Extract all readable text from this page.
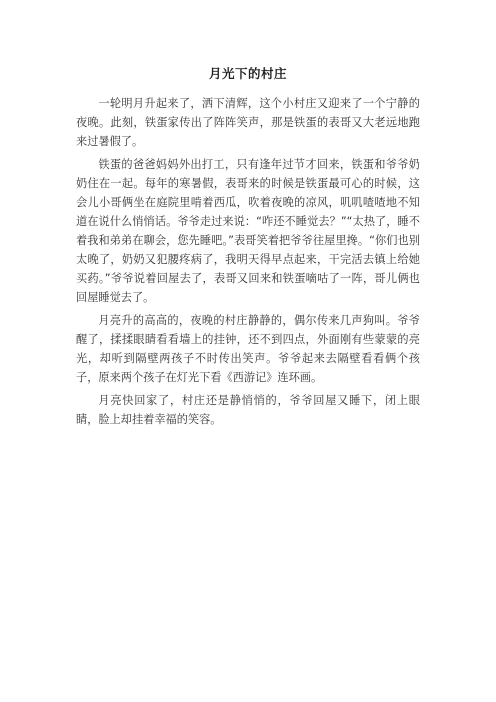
月光下的村庄

一轮明月升起来了，洒下清辉，这个小村庄又迎来了一个宁静的夜晚。此刻，铁蛋家传出了阵阵笑声，那是铁蛋的表哥又大老远地跑来过暑假了。

铁蛋的爸爸妈妈外出打工，只有逢年过节才回来，铁蛋和爷爷奶奶住在一起。每年的寒暑假，表哥来的时候是铁蛋最可心的时候，这会儿小哥俩坐在庭院里啃着西瓜，吹着夜晚的凉风，叽叽喳喳地不知道在说什么悄悄话。爷爷走过来说：“咋还不睡觉去？”“太热了，睡不着我和弟弟在聊会，您先睡吧。”表哥笑着把爷爷往屋里搀。“你们也别太晚了，奶奶又犯腰疼病了，我明天得早点起来，干完活去镇上给她买药。”爷爷说着回屋去了，表哥又回来和铁蛋嘀咕了一阵，哥儿俩也回屋睡觉去了。

月亮升的高高的，夜晚的村庄静静的，偶尔传来几声狗叫。爷爷醒了，揉揉眼睛看看墙上的挂钟，还不到四点，外面刚有些蒙蒙的亮光，却听到隔壁两孩子不时传出笑声。爷爷起来去隔壁看看俩个孩子，原来两个孩子在灯光下看《西游记》连环画。

月亮快回家了，村庄还是静悄悄的，爷爷回屋又睡下，闭上眼睛，脸上却挂着幸福的笑容。
